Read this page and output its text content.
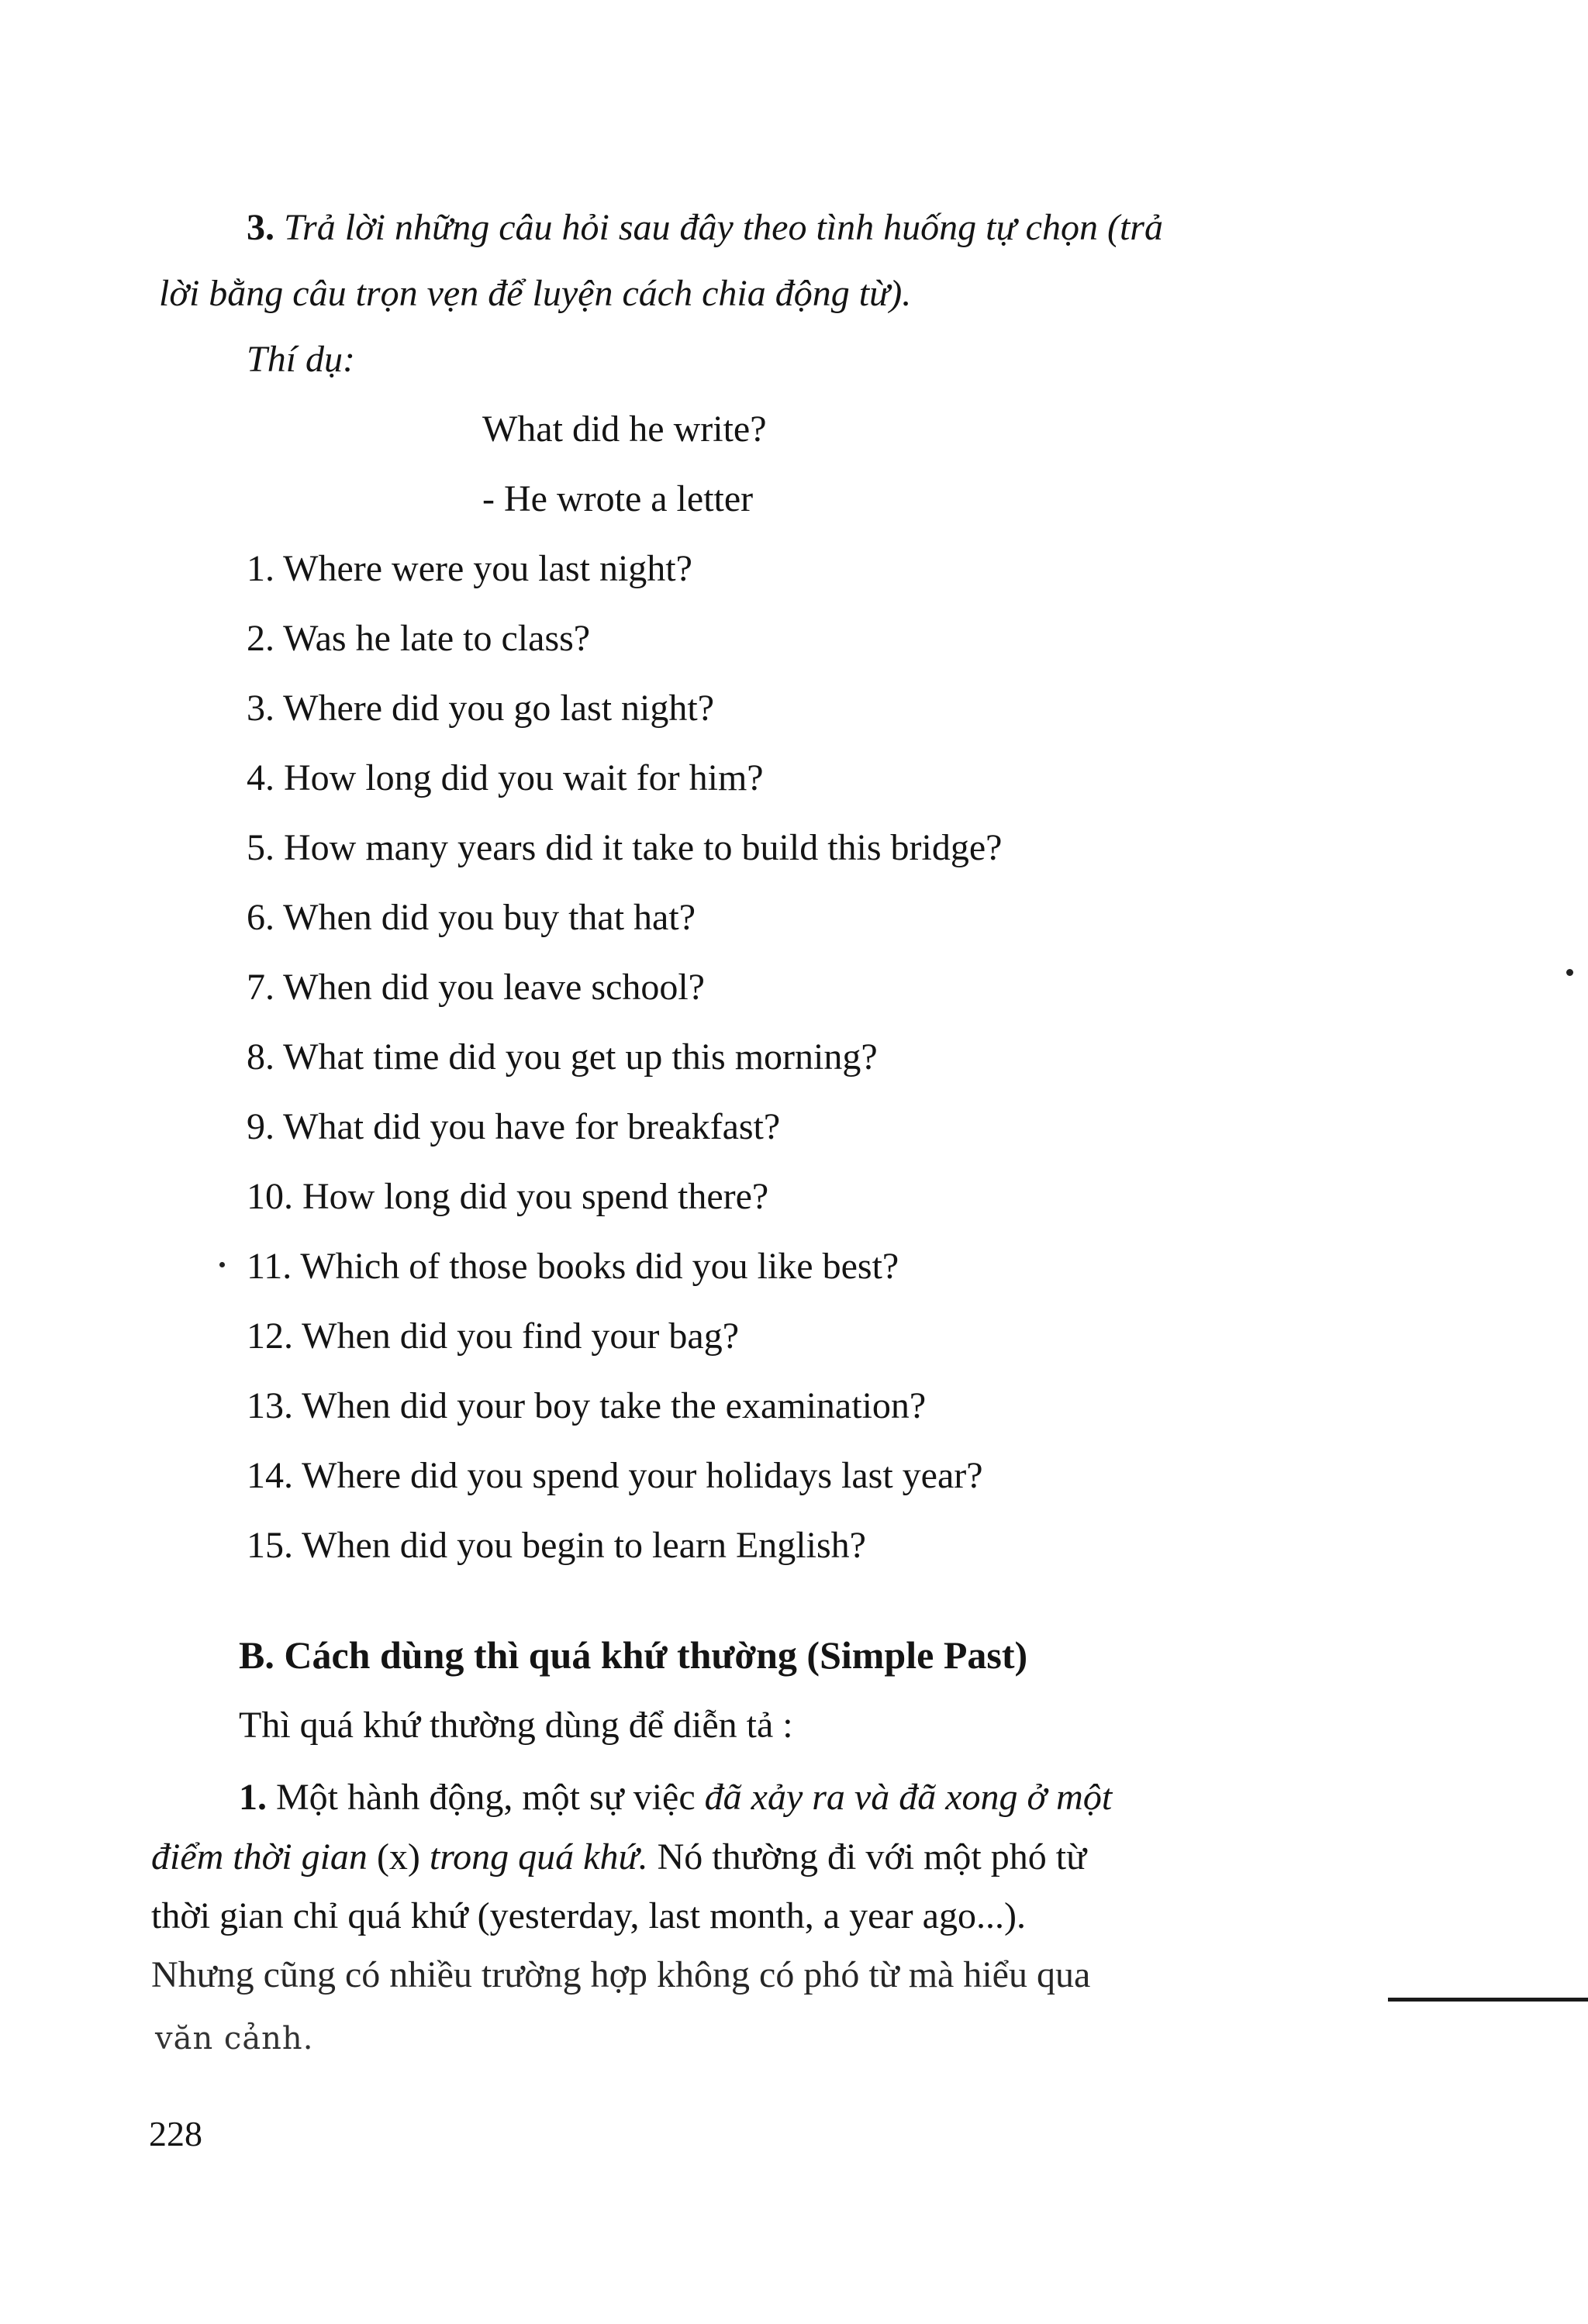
3. Trả lời những câu hỏi sau đây theo tình huống tự chọn (trả
lời bằng câu trọn vẹn để luyện cách chia động từ).
Thí dụ:
What did he write?
- He wrote a letter
1. Where were you last night?
2. Was he late to class?
3. Where did you go last night?
4. How long did you wait for him?
5. How many years did it take to build this bridge?
6. When did you buy that hat?
7. When did you leave school?
8. What time did you get up this morning?
9. What did you have for breakfast?
10. How long did you spend there?
11. Which of those books did you like best?
12. When did you find your bag?
13. When did your boy take the examination?
14. Where did you spend your holidays last year?
15. When did you begin to learn English?
B. Cách dùng thì quá khứ thường (Simple Past)
Thì quá khứ thường dùng để diễn tả :
1. Một hành động, một sự việc đã xảy ra và đã xong ở một
điểm thời gian (x) trong quá khứ. Nó thường đi với một phó từ
thời gian chỉ quá khứ (yesterday, last month, a year ago...).
Nhưng cũng có nhiều trường hợp không có phó từ mà hiểu qua
văn cảnh.
228
